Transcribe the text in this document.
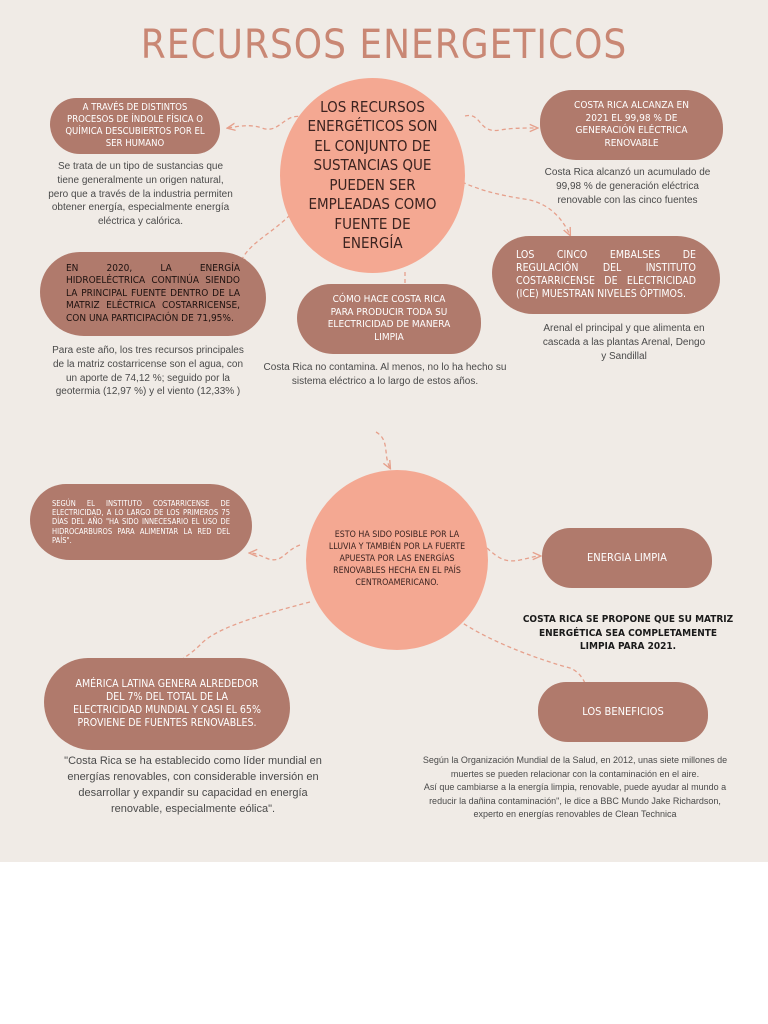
RECURSOS ENERGETICOS
LOS RECURSOS ENERGÉTICOS SON EL CONJUNTO DE SUSTANCIAS QUE PUEDEN SER EMPLEADAS COMO FUENTE DE ENERGÍA
A TRAVÉS DE DISTINTOS PROCESOS DE ÍNDOLE FÍSICA O QUÍMICA DESCUBIERTOS POR EL SER HUMANO
Se trata de un tipo de sustancias que tiene generalmente un origen natural, pero que a través de la industria permiten obtener energía, especialmente energía eléctrica y calórica.
COSTA RICA ALCANZA EN 2021 EL 99,98 % DE GENERACIÓN ELÉCTRICA RENOVABLE
Costa Rica alcanzó un acumulado de 99,98 % de generación eléctrica renovable con las cinco fuentes
EN 2020, LA ENERGÍA HIDROELÉCTRICA CONTINÚA SIENDO LA PRINCIPAL FUENTE DENTRO DE LA MATRIZ ELÉCTRICA COSTARRICENSE, CON UNA PARTICIPACIÓN DE 71,95%.
Para este año, los tres recursos principales de la matriz costarricense son el agua, con un aporte de 74,12 %; seguido por la geotermia (12,97 %) y el viento (12,33% )
LOS CINCO EMBALSES DE REGULACIÓN DEL INSTITUTO COSTARRICENSE DE ELECTRICIDAD (ICE) MUESTRAN NIVELES ÓPTIMOS.
Arenal el principal y que alimenta en cascada a las plantas Arenal, Dengo y Sandillal
CÓMO HACE COSTA RICA PARA PRODUCIR TODA SU ELECTRICIDAD DE MANERA LIMPIA
Costa Rica no contamina. Al menos, no lo ha hecho su sistema eléctrico a lo largo de estos años.
ESTO HA SIDO POSIBLE POR LA LLUVIA Y TAMBIÉN POR LA FUERTE APUESTA POR LAS ENERGÍAS RENOVABLES HECHA EN EL PAÍS CENTROAMERICANO.
SEGÚN EL INSTITUTO COSTARRICENSE DE ELECTRICIDAD, A LO LARGO DE LOS PRIMEROS 75 DÍAS DEL AÑO "HA SIDO INNECESARIO EL USO DE HIDROCARBUROS PARA ALIMENTAR LA RED DEL PAÍS".
ENERGIA LIMPIA
COSTA RICA SE PROPONE QUE SU MATRIZ ENERGÉTICA SEA COMPLETAMENTE LIMPIA PARA 2021.
AMÉRICA LATINA GENERA ALREDEDOR DEL 7% DEL TOTAL DE LA ELECTRICIDAD MUNDIAL Y CASI EL 65% PROVIENE DE FUENTES RENOVABLES.
"Costa Rica se ha establecido como líder mundial en energías renovables, con considerable inversión en desarrollar y expandir su capacidad en energía renovable, especialmente eólica".
LOS BENEFICIOS
Según la Organización Mundial de la Salud, en 2012, unas siete millones de muertes se pueden relacionar con la contaminación en el aire.
Así que cambiarse a la energía limpia, renovable, puede ayudar al mundo a reducir la dañina contaminación", le dice a BBC Mundo Jake Richardson, experto en energías renovables de Clean Technica
